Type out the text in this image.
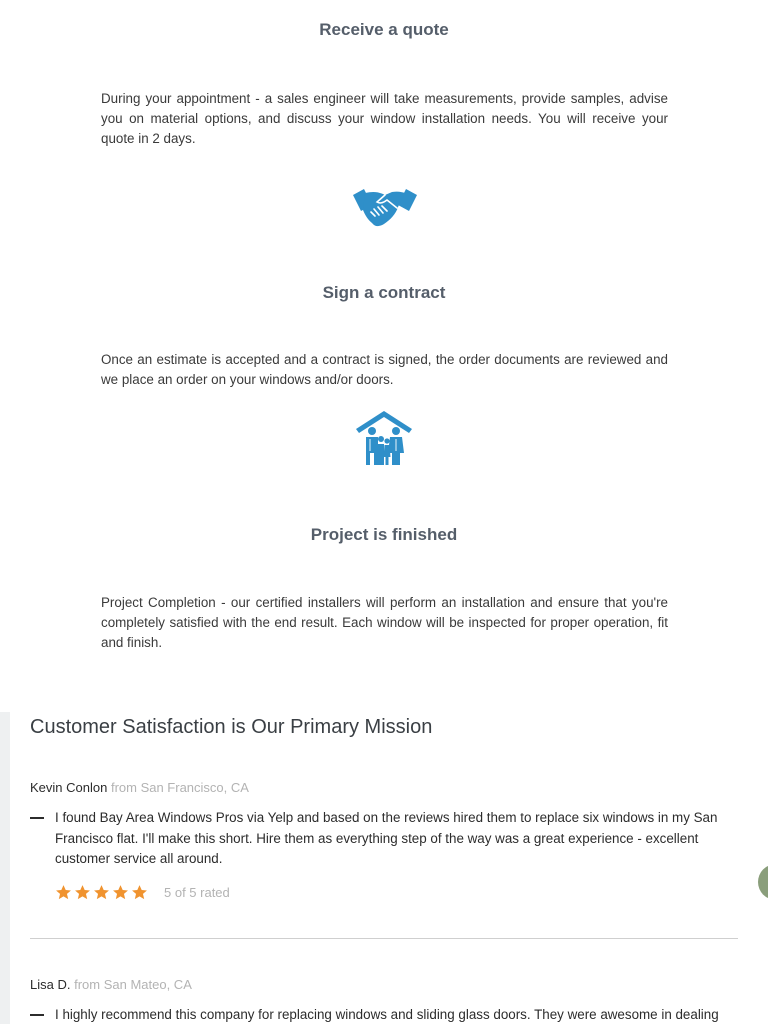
Receive a quote
During your appointment - a sales engineer will take measurements, provide samples, advise you on material options, and discuss your window installation needs. You will receive your quote in 2 days.
Sign a contract
Once an estimate is accepted and a contract is signed, the order documents are reviewed and we place an order on your windows and/or doors.
Project is finished
Project Completion - our certified installers will perform an installation and ensure that you're completely satisfied with the end result. Each window will be inspected for proper operation, fit and finish.
Customer Satisfaction is Our Primary Mission
Kevin Conlon from San Francisco, CA
I found Bay Area Windows Pros via Yelp and based on the reviews hired them to replace six windows in my San Francisco flat. I'll make this short. Hire them as everything step of the way was a great experience - excellent customer service all around.
5 of 5 rated
Lisa D. from San Mateo, CA
I highly recommend this company for replacing windows and sliding glass doors. They were awesome in dealing
